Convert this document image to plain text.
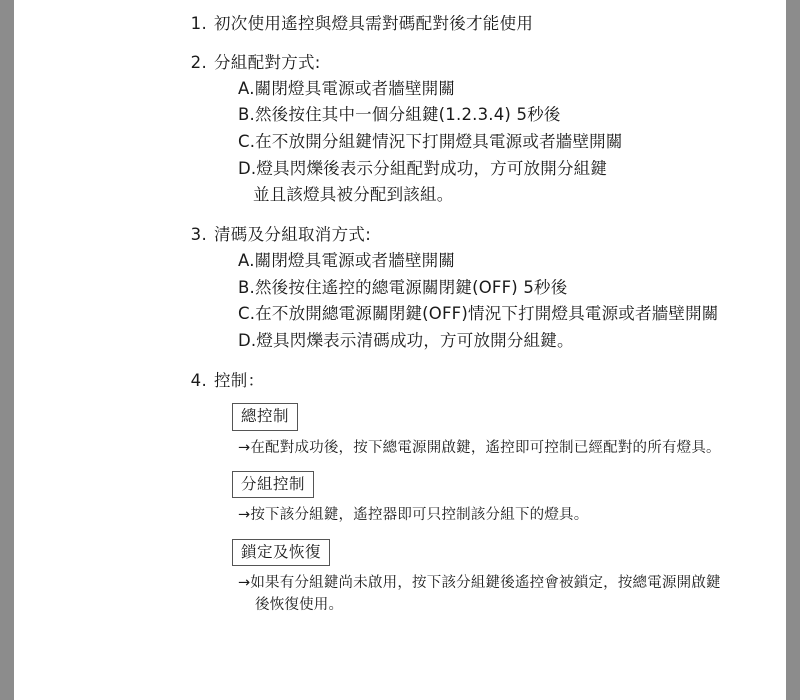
1. 初次使用遙控與燈具需對碼配對後才能使用
2. 分組配對方式:
A.關閉燈具電源或者牆壁開關
B.然後按住其中一個分組鍵(1.2.3.4) 5秒後
C.在不放開分組鍵情況下打開燈具電源或者牆壁開關
D.燈具閃爍後表示分組配對成功，方可放開分組鍵
並且該燈具被分配到該組。
3. 清碼及分組取消方式:
A.關閉燈具電源或者牆壁開關
B.然後按住遙控的總電源關閉鍵(OFF) 5秒後
C.在不放開總電源關閉鍵(OFF)情況下打開燈具電源或者牆壁開關
D.燈具閃爍表示清碼成功，方可放開分組鍵。
4. 控制：
總控制
→在配對成功後，按下總電源開啟鍵，遙控即可控制已經配對的所有燈具。
分組控制
→按下該分組鍵，遙控器即可只控制該分組下的燈具。
鎖定及恢復
→如果有分組鍵尚未啟用，按下該分組鍵後遙控會被鎖定，按總電源開啟鍵
後恢復使用。
